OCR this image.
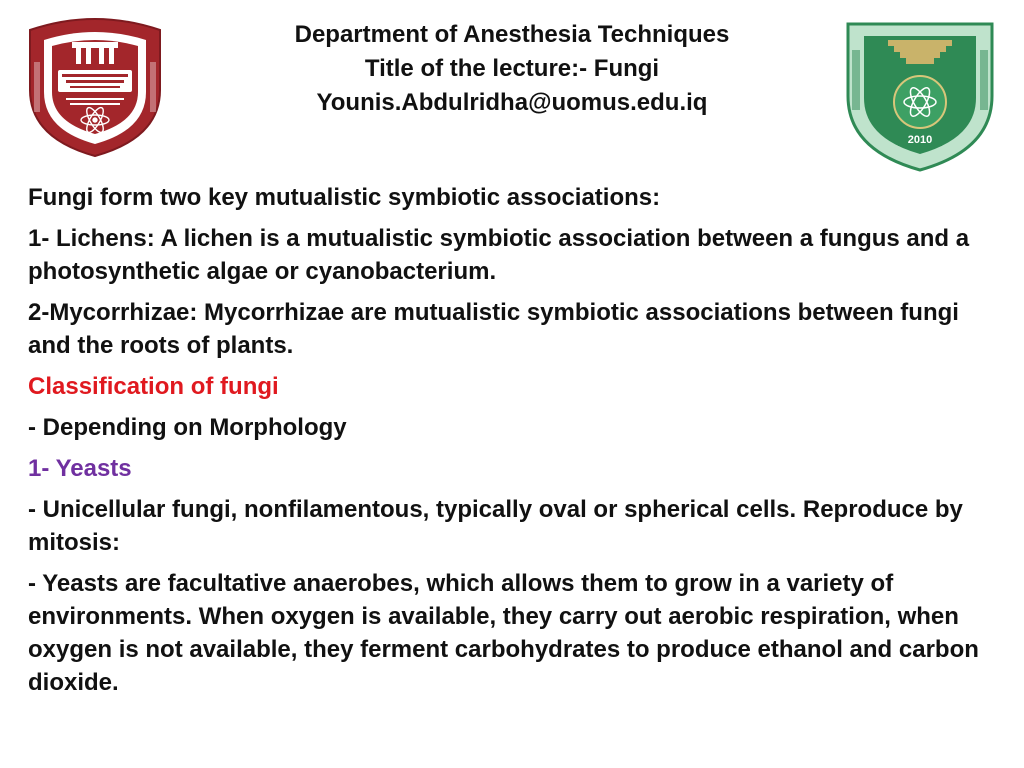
Department of Anesthesia Techniques
Title of the lecture:- Fungi
Younis.Abdulridha@uomus.edu.iq
2010

Fungi form two key mutualistic symbiotic associations:

1- Lichens: A lichen is a mutualistic symbiotic association between a fungus and a photosynthetic algae or cyanobacterium.

2-Mycorrhizae: Mycorrhizae are mutualistic symbiotic associations between fungi and the roots of plants.

Classification of fungi

- Depending on Morphology

1- Yeasts

- Unicellular fungi, nonfilamentous, typically oval or spherical cells. Reproduce by mitosis:

- Yeasts are facultative anaerobes, which allows them to grow in a variety of environments. When oxygen is available, they carry out aerobic respiration, when oxygen is not available, they ferment carbohydrates to produce ethanol and carbon dioxide.
